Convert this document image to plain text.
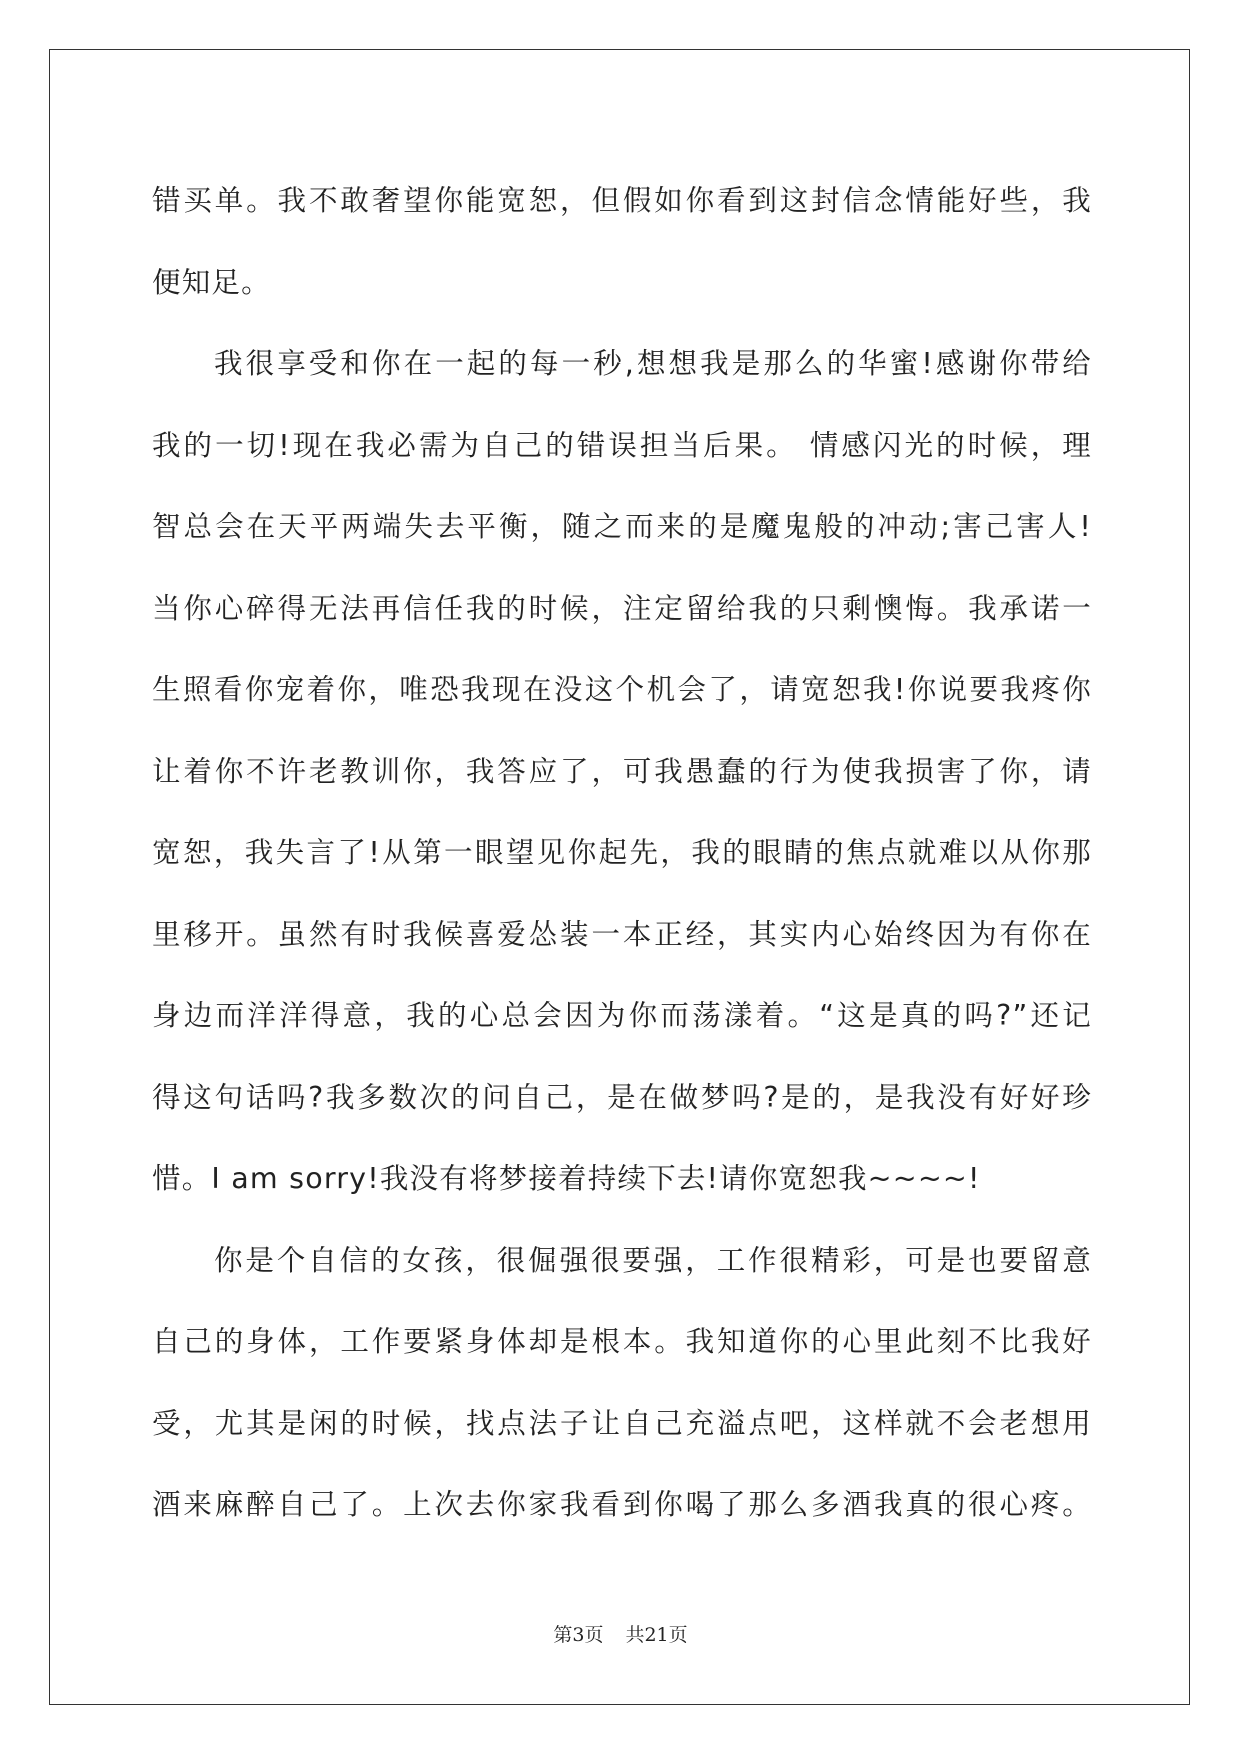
错买单。我不敢奢望你能宽恕，但假如你看到这封信念情能好些，我
便知足。
我很享受和你在一起的每一秒,想想我是那么的华蜜!感谢你带给
我的一切!现在我必需为自己的错误担当后果。 情感闪光的时候，理
智总会在天平两端失去平衡，随之而来的是魔鬼般的冲动;害己害人!
当你心碎得无法再信任我的时候，注定留给我的只剩懊悔。我承诺一
生照看你宠着你，唯恐我现在没这个机会了，请宽恕我!你说要我疼你
让着你不许老教训你，我答应了，可我愚蠢的行为使我损害了你，请
宽恕，我失言了!从第一眼望见你起先，我的眼睛的焦点就难以从你那
里移开。虽然有时我候喜爱怂装一本正经，其实内心始终因为有你在
身边而洋洋得意，我的心总会因为你而荡漾着。“这是真的吗?”还记
得这句话吗?我多数次的问自己，是在做梦吗?是的，是我没有好好珍
惜。I am sorry!我没有将梦接着持续下去!请你宽恕我~~~~!
你是个自信的女孩，很倔强很要强，工作很精彩，可是也要留意
自己的身体，工作要紧身体却是根本。我知道你的心里此刻不比我好
受，尤其是闲的时候，找点法子让自己充溢点吧，这样就不会老想用
酒来麻醉自己了。上次去你家我看到你喝了那么多酒我真的很心疼。
第3页 共21页
